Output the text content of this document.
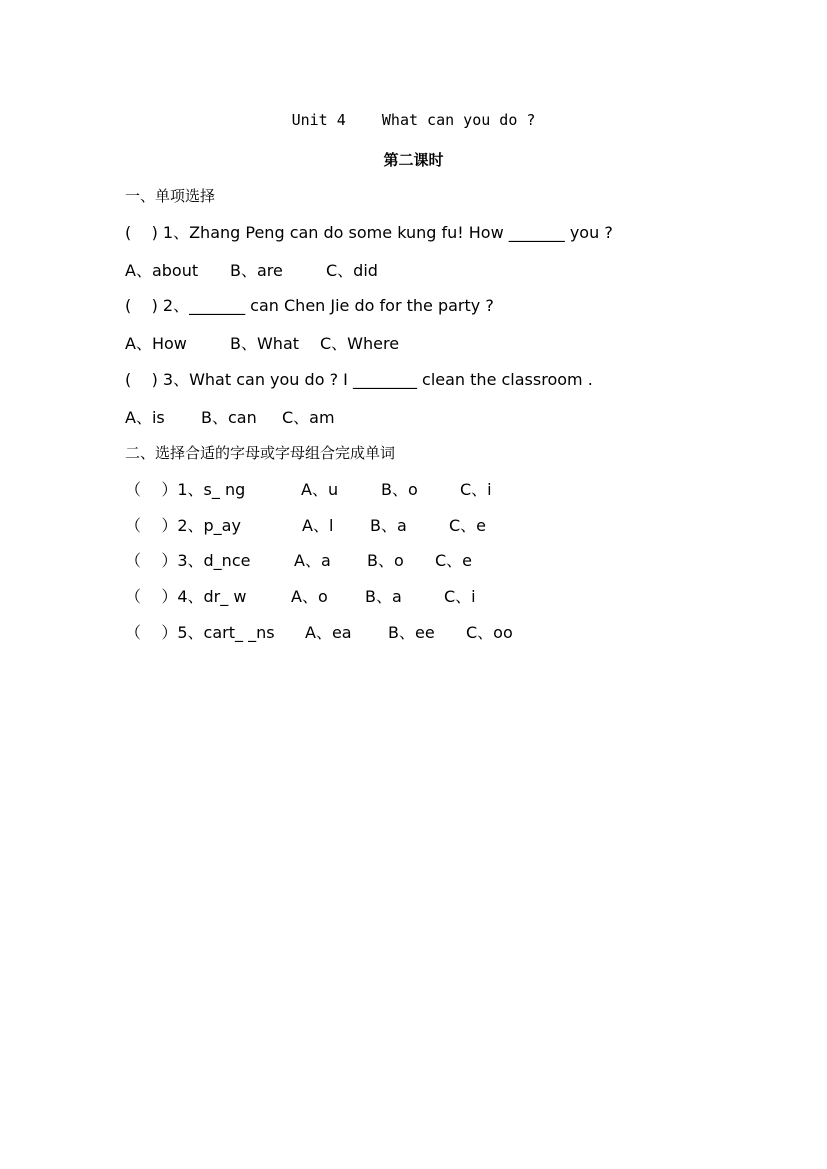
Unit 4    What can you do ?
第二课时
一、单项选择
(    ) 1、Zhang Peng can do some kung fu! How _______ you ?

A、about

B、are

	C、did

(    ) 2、_______ can Chen Jie do for the party ?

A、How

	B、What

C、Where

(    ) 3、What can you do ? I ________ clean the classroom .

A、is

B、can

C、am

二、选择合适的字母或字母组合完成单词

（    ）1、s_ ng

	A、u

	B、o

	C、i

（    ）2、p_ay

	A、l

B、a

	C、e

（    ）3、d_nce

	A、a

B、o

C、e

（    ）4、dr_ w

	A、o

B、a

	C、i

（    ）5、cart_ _ns

A、ea

B、ee

C、oo
